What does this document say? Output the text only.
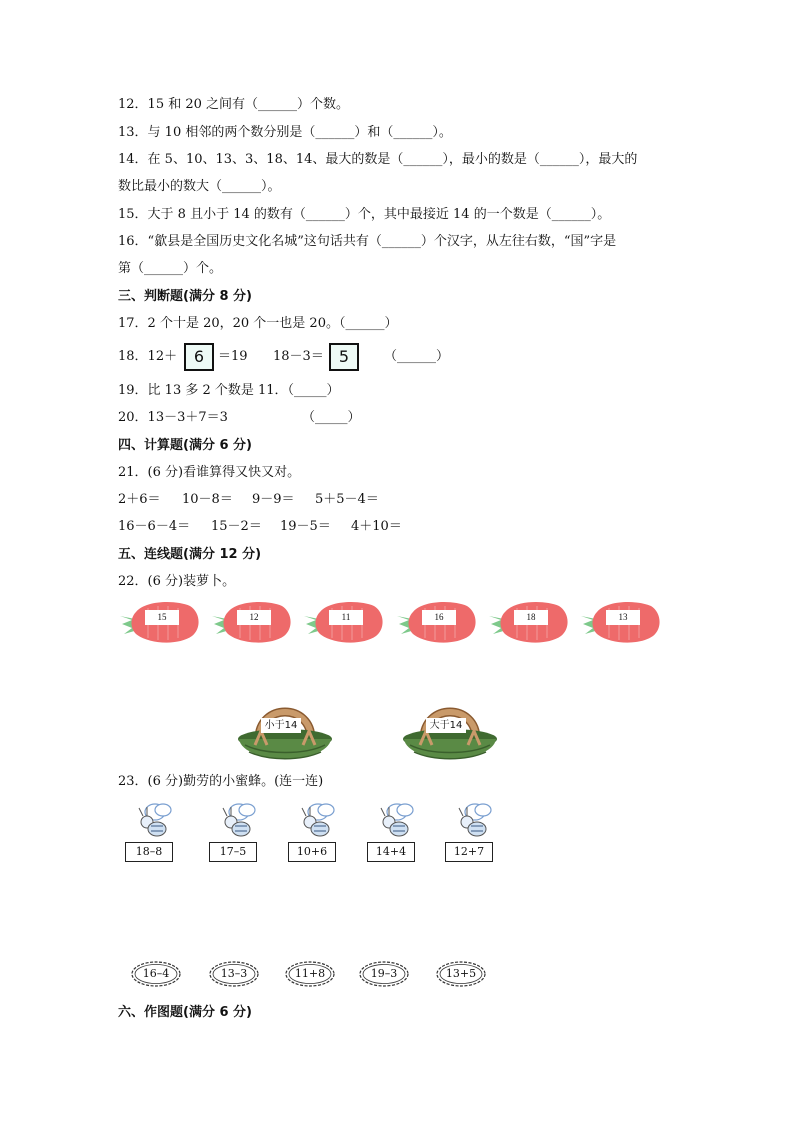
12．15 和 20 之间有（______）个数。
13．与 10 相邻的两个数分别是（______）和（______）。
14．在 5、10、13、3、18、14、最大的数是（______），最小的数是（______），最大的
数比最小的数大（______）。
15．大于 8 且小于 14 的数有（______）个，其中最接近 14 的一个数是（______）。
16．“歙县是全国历史文化名城”这句话共有（______）个汉字，从左往右数，“国”字是
第（______）个。
三、判断题(满分 8 分)
17．2 个十是 20，20 个一也是 20。（______）
18．12＋	6	＝19 18－3＝ 5	（______）
19．比 13 多 2 个数是 11．（_____）
20．13－3＋7＝3	（_____）
四、计算题(满分 6 分)
21．(6 分)看谁算得又快又对。
2＋6＝ 10－8＝ 9－9＝ 5＋5－4＝
16－6－4＝ 15－2＝ 19－5＝ 4＋10＝
五、连线题(满分 12 分)
22．(6 分)装萝卜。
15	12	11	16	18	13
小于14	大于14
23．(6 分)勤劳的小蜜蜂。(连一连)
18–8	17–5	10+6	14+4	12+7
16–4	13–3	11+8	19–3	13+5
六、作图题(满分 6 分)
